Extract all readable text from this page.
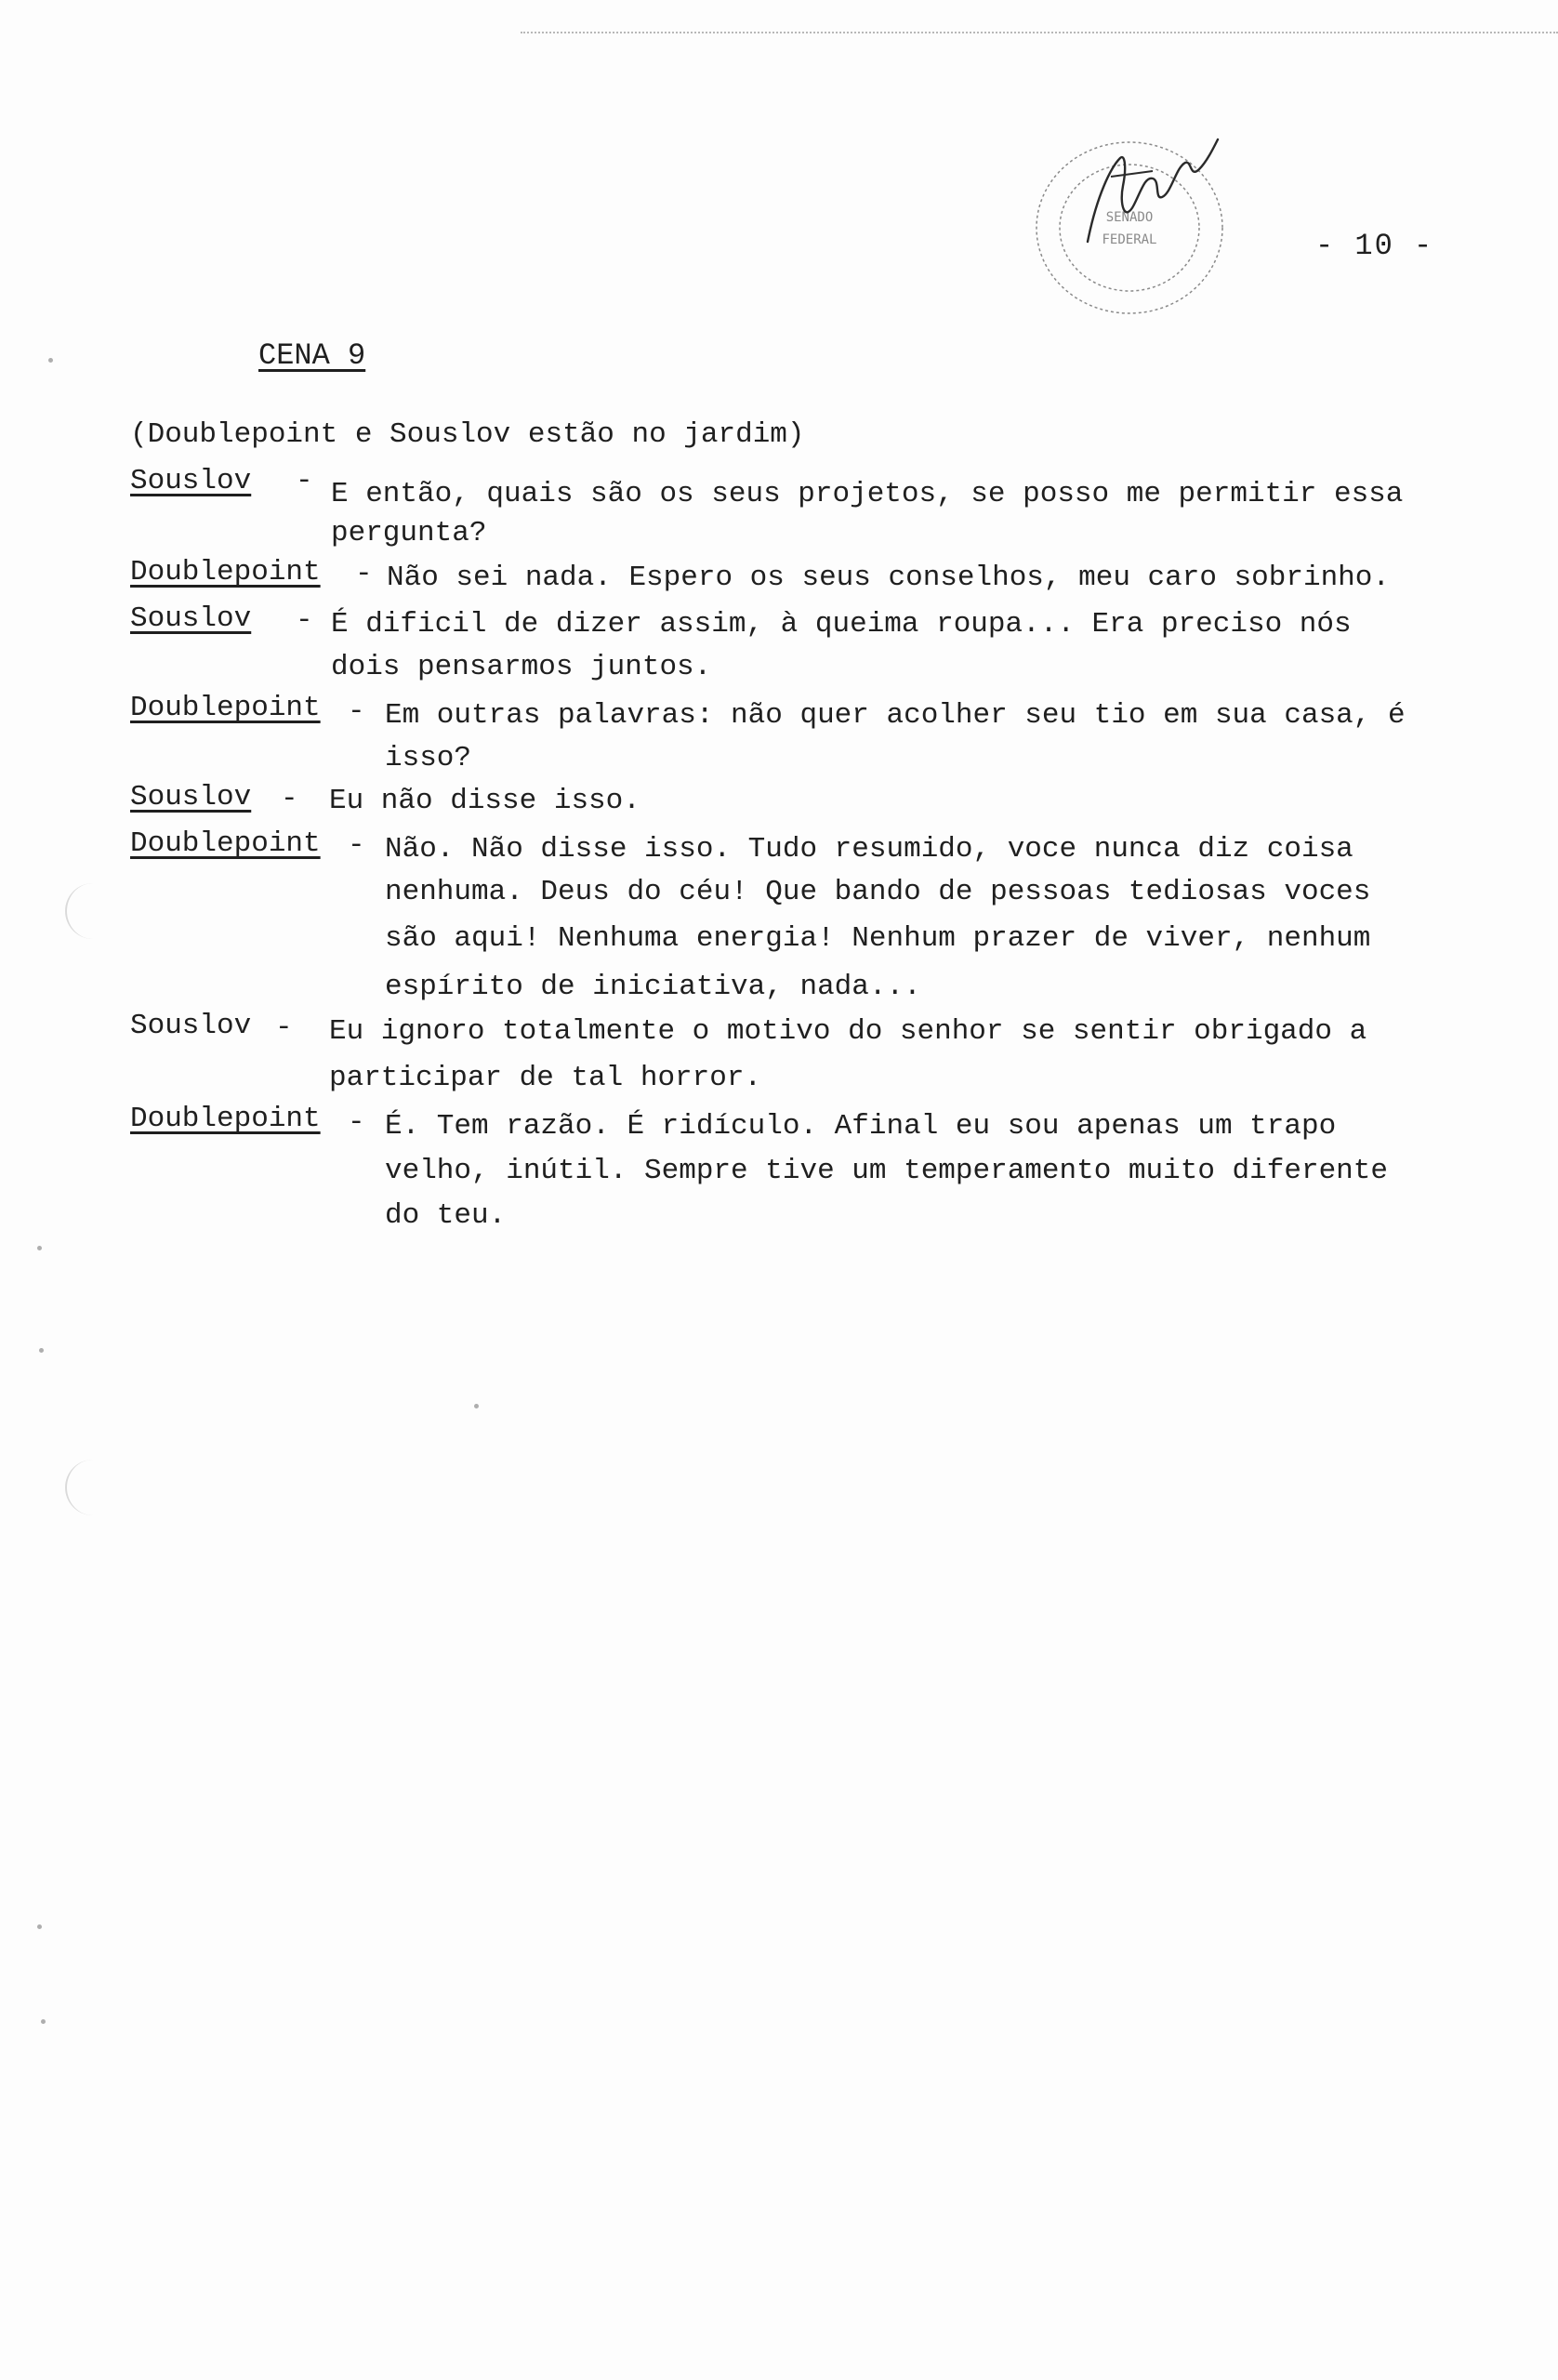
SENADO
FEDERAL	- 10 -
CENA 9
(Doublepoint e Souslov estão no jardim)
Souslov - E então, quais são os seus projetos, se posso me permitir essa
pergunta?
Doublepoint - Não sei nada. Espero os seus conselhos, meu caro sobrinho.
Souslov - É dificil de dizer assim, à queima roupa... Era preciso nós
dois pensarmos juntos.
Doublepoint - Em outras palavras: não quer acolher seu tio em sua casa, é
isso?
Souslov - Eu não disse isso.
Doublepoint - Não. Não disse isso. Tudo resumido, voce nunca diz coisa
nenhuma. Deus do céu! Que bando de pessoas tediosas voces
são aqui! Nenhuma energia! Nenhum prazer de viver, nenhum
espírito de iniciativa, nada...
Souslov - Eu ignoro totalmente o motivo do senhor se sentir obrigado a
participar de tal horror.
Doublepoint - É. Tem razão. É ridículo. Afinal eu sou apenas um trapo
velho, inútil. Sempre tive um temperamento muito diferente
do teu.
